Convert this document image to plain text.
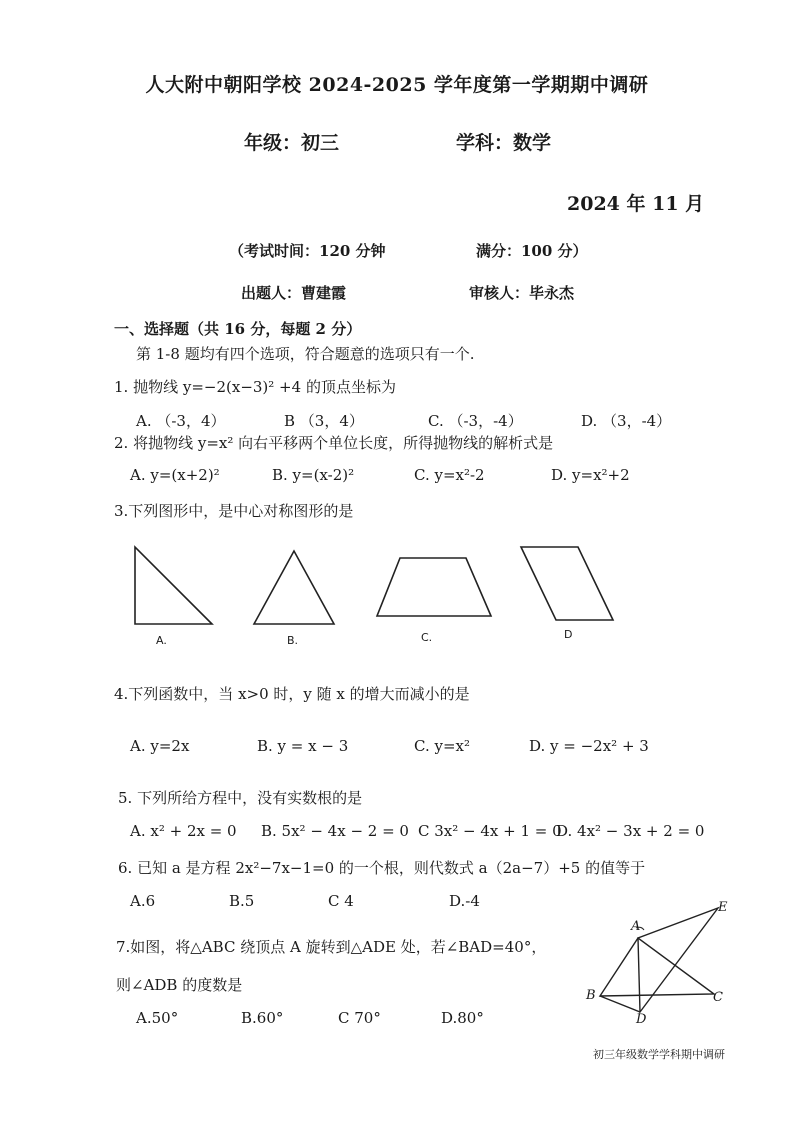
人大附中朝阳学校 2024-2025 学年度第一学期期中调研
年级：初三	学科：数学
2024 年 11 月
（考试时间：120 分钟	满分：100 分）
出题人：曹建霞	审核人：毕永杰
一、选择题（共 16 分，每题 2 分）
第 1-8 题均有四个选项，符合题意的选项只有一个.
1. 抛物线 y=−2(x−3)² +4 的顶点坐标为
A. （-3，4）	B （3，4）	C. （-3，-4）	D. （3，-4）
2. 将抛物线 y=x² 向右平移两个单位长度，所得抛物线的解析式是
A. y=(x+2)²	B. y=(x-2)²	C. y=x²-2	D. y=x²+2
3.下列图形中，是中心对称图形的是
A.	B.	C.	D
4.下列函数中，当 x>0 时，y 随 x 的增大而减小的是
A. y=2x	B. y = x − 3	C. y=x²	D. y = −2x² + 3
5. 下列所给方程中，没有实数根的是
A. x² + 2x = 0 B. 5x² − 4x − 2 = 0 C 3x² − 4x + 1 = 0
D. 4x² − 3x + 2 = 0
6. 已知 a 是方程 2x²−7x−1=0 的一个根，则代数式 a（2a−7）+5 的值等于
A.6	B.5	C 4	D.-4
7.如图，将△ABC 绕顶点 A 旋转到△ADE 处，若∠BAD=40°，
则∠ADB 的度数是
A.50°	B.60°	C 70°	D.80°
A
B	C
D
E
初三年级数学学科期中调研
